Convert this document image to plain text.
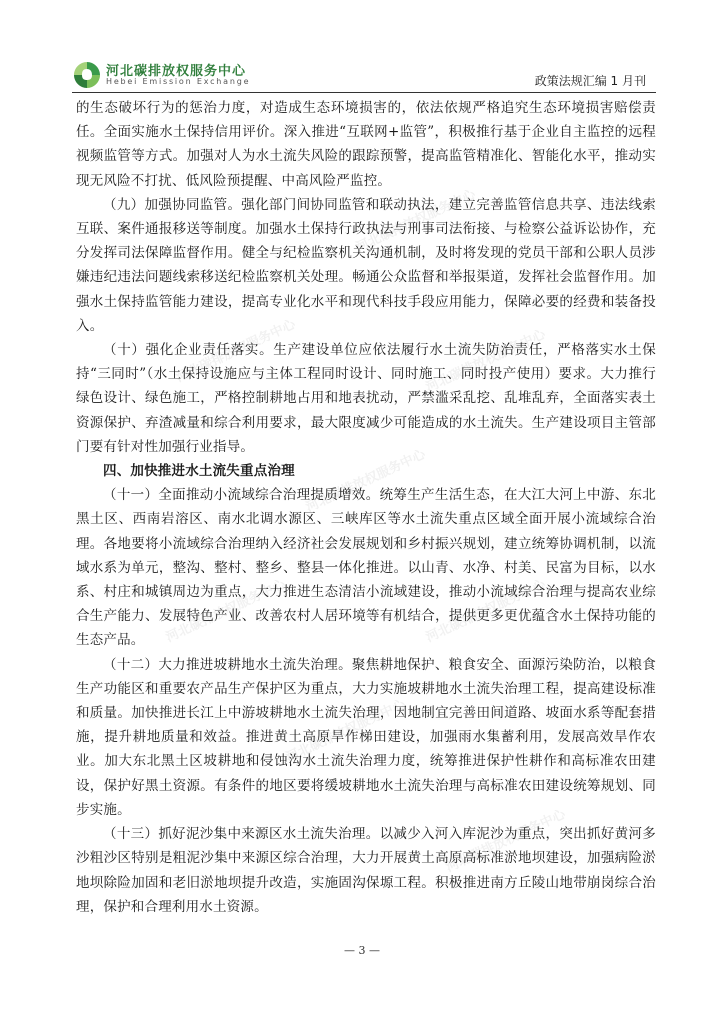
河北碳排放权服务中心
Hebei Emission Exchange	政策法规汇编 1 月刊
河北碳排放权服务中心
河北碳排放权服务中心	河北碳排放权服务中心
河北碳排放权服务中心
河北碳排放权服务中心	河北碳排放权服务中心
河北碳排放权服务中心
河北碳排放权服务中心

的生态破坏行为的惩治力度，对造成生态环境损害的，依法依规严格追究生态环境损害赔偿责任。全面实施水土保持信用评价。深入推进“互联网+监管”，积极推行基于企业自主监控的远程视频监管等方式。加强对人为水土流失风险的跟踪预警，提高监管精准化、智能化水平，推动实现无风险不打扰、低风险预提醒、中高风险严监控。

（九）加强协同监管。强化部门间协同监管和联动执法，建立完善监管信息共享、违法线索互联、案件通报移送等制度。加强水土保持行政执法与刑事司法衔接、与检察公益诉讼协作，充分发挥司法保障监督作用。健全与纪检监察机关沟通机制，及时将发现的党员干部和公职人员涉嫌违纪违法问题线索移送纪检监察机关处理。畅通公众监督和举报渠道，发挥社会监督作用。加强水土保持监管能力建设，提高专业化水平和现代科技手段应用能力，保障必要的经费和装备投入。

（十）强化企业责任落实。生产建设单位应依法履行水土流失防治责任，严格落实水土保持“三同时”（水土保持设施应与主体工程同时设计、同时施工、同时投产使用）要求。大力推行绿色设计、绿色施工，严格控制耕地占用和地表扰动，严禁滥采乱挖、乱堆乱弃，全面落实表土资源保护、弃渣减量和综合利用要求，最大限度减少可能造成的水土流失。生产建设项目主管部门要有针对性加强行业指导。

四、加快推进水土流失重点治理

（十一）全面推动小流域综合治理提质增效。统筹生产生活生态，在大江大河上中游、东北黑土区、西南岩溶区、南水北调水源区、三峡库区等水土流失重点区域全面开展小流域综合治理。各地要将小流域综合治理纳入经济社会发展规划和乡村振兴规划，建立统筹协调机制，以流域水系为单元，整沟、整村、整乡、整县一体化推进。以山青、水净、村美、民富为目标，以水系、村庄和城镇周边为重点，大力推进生态清洁小流域建设，推动小流域综合治理与提高农业综合生产能力、发展特色产业、改善农村人居环境等有机结合，提供更多更优蕴含水土保持功能的生态产品。

（十二）大力推进坡耕地水土流失治理。聚焦耕地保护、粮食安全、面源污染防治，以粮食生产功能区和重要农产品生产保护区为重点，大力实施坡耕地水土流失治理工程，提高建设标准和质量。加快推进长江上中游坡耕地水土流失治理，因地制宜完善田间道路、坡面水系等配套措施，提升耕地质量和效益。推进黄土高原旱作梯田建设，加强雨水集蓄利用，发展高效旱作农业。加大东北黑土区坡耕地和侵蚀沟水土流失治理力度，统筹推进保护性耕作和高标准农田建设，保护好黑土资源。有条件的地区要将缓坡耕地水土流失治理与高标准农田建设统筹规划、同步实施。

（十三）抓好泥沙集中来源区水土流失治理。以减少入河入库泥沙为重点，突出抓好黄河多沙粗沙区特别是粗泥沙集中来源区综合治理，大力开展黄土高原高标准淤地坝建设，加强病险淤地坝除险加固和老旧淤地坝提升改造，实施固沟保塬工程。积极推进南方丘陵山地带崩岗综合治理，保护和合理利用水土资源。

— 3 —
